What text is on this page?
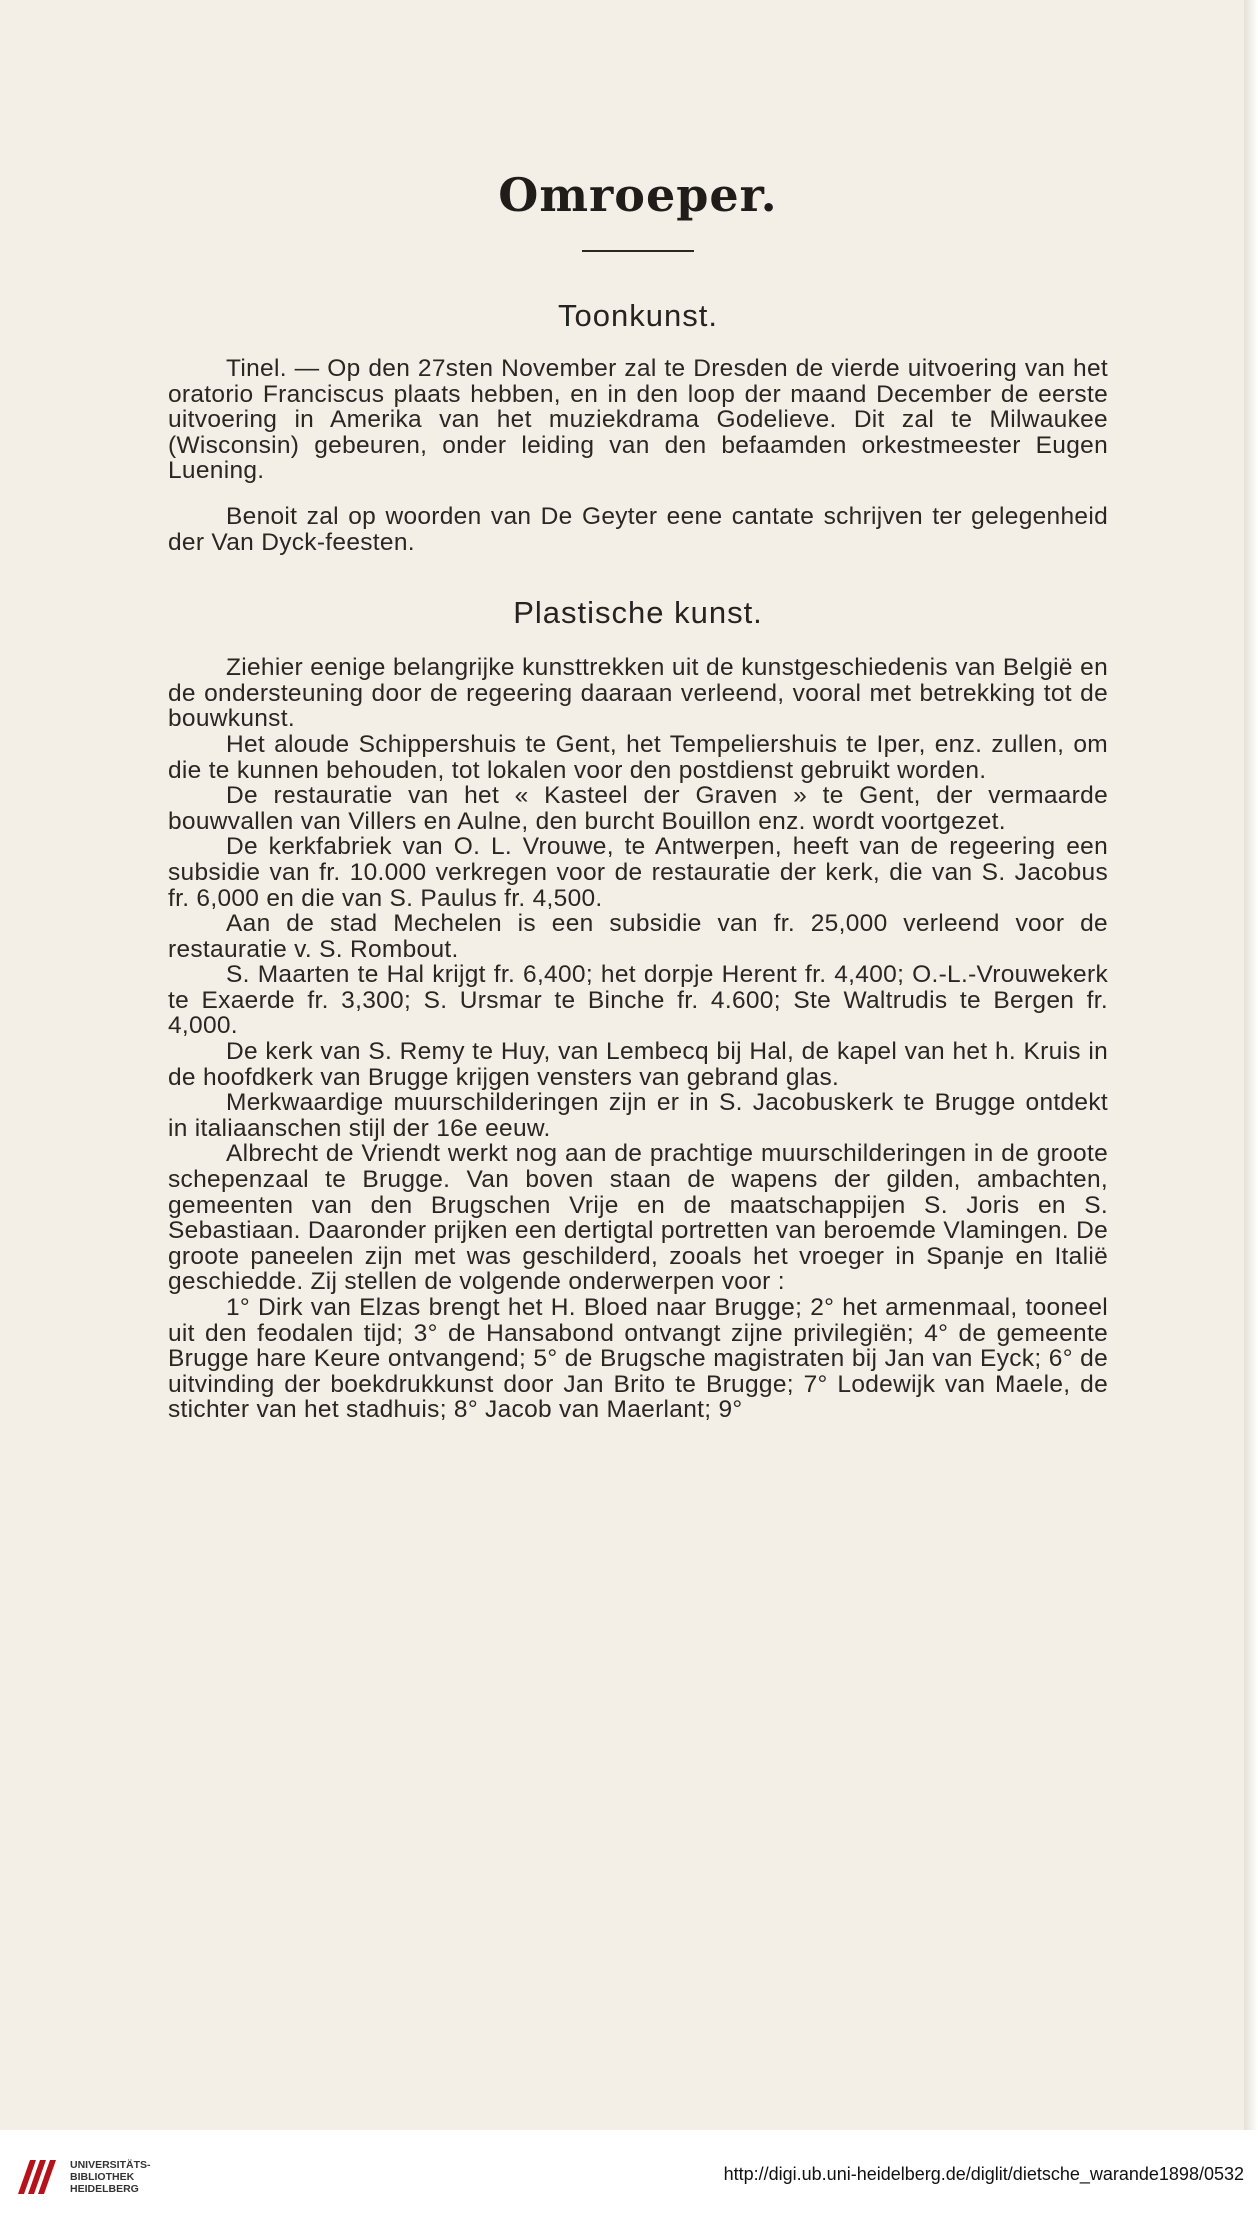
Omroeper.
Toonkunst.

Tinel. — Op den 27sten November zal te Dresden de vierde uitvoering van het oratorio Franciscus plaats hebben, en in den loop der maand December de eerste uitvoering in Amerika van het muziekdrama Godelieve. Dit zal te Milwaukee (Wisconsin) gebeuren, onder leiding van den befaamden orkestmeester Eugen Luening.

Benoit zal op woorden van De Geyter eene cantate schrijven ter gelegenheid der Van Dyck-feesten.

Plastische kunst.

Ziehier eenige belangrijke kunsttrekken uit de kunstgeschiedenis van België en de ondersteuning door de regeering daaraan verleend, vooral met betrekking tot de bouwkunst.

Het aloude Schippershuis te Gent, het Tempeliershuis te Iper, enz. zullen, om die te kunnen behouden, tot lokalen voor den postdienst gebruikt worden.

De restauratie van het « Kasteel der Graven » te Gent, der vermaarde bouwvallen van Villers en Aulne, den burcht Bouillon enz. wordt voortgezet.

De kerkfabriek van O. L. Vrouwe, te Antwerpen, heeft van de regeering een subsidie van fr. 10.000 verkregen voor de restauratie der kerk, die van S. Jacobus fr. 6,000 en die van S. Paulus fr. 4,500.

Aan de stad Mechelen is een subsidie van fr. 25,000 verleend voor de restauratie v. S. Rombout.

S. Maarten te Hal krijgt fr. 6,400; het dorpje Herent fr. 4,400; O.-L.-Vrouwekerk te Exaerde fr. 3,300; S. Ursmar te Binche fr. 4.600; Ste Waltrudis te Bergen fr. 4,000.

De kerk van S. Remy te Huy, van Lembecq bij Hal, de kapel van het h. Kruis in de hoofdkerk van Brugge krijgen vensters van gebrand glas.

Merkwaardige muurschilderingen zijn er in S. Jacobuskerk te Brugge ontdekt in italiaanschen stijl der 16e eeuw.

Albrecht de Vriendt werkt nog aan de prachtige muurschilderingen in de groote schepenzaal te Brugge. Van boven staan de wapens der gilden, ambachten, gemeenten van den Brugschen Vrije en de maatschappijen S. Joris en S. Sebastiaan. Daaronder prijken een dertigtal portretten van beroemde Vlamingen. De groote paneelen zijn met was geschilderd, zooals het vroeger in Spanje en Italië geschiedde. Zij stellen de volgende onderwerpen voor :

1° Dirk van Elzas brengt het H. Bloed naar Brugge; 2° het armenmaal, tooneel uit den feodalen tijd; 3° de Hansabond ontvangt zijne privilegiën; 4° de gemeente Brugge hare Keure ontvangend; 5° de Brugsche magistraten bij Jan van Eyck; 6° de uitvinding der boekdrukkunst door Jan Brito te Brugge; 7° Lodewijk van Maele, de stichter van het stadhuis; 8° Jacob van Maerlant; 9°

UNIVERSITÄTS-
BIBLIOTHEK
HEIDELBERG
http://digi.ub.uni-heidelberg.de/diglit/dietsche_warande1898/0532
